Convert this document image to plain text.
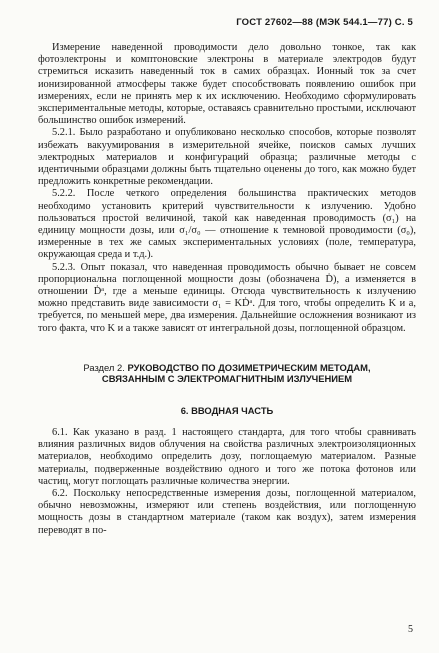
ГОСТ 27602—88 (МЭК 544.1—77) С. 5

Измерение наведенной проводимости дело довольно тонкое, так как фотоэлектроны и комптоновские электроны в материале электродов будут стремиться исказить наведенный ток в самих образцах. Ионный ток за счет ионизированной атмосферы также будет способствовать появлению ошибок при измерениях, если не принять мер к их исключению. Необходимо сформулировать экспериментальные методы, которые, оставаясь сравнительно простыми, исключают большинство ошибок измерений.

5.2.1. Было разработано и опубликовано несколько способов, которые позволят избежать вакуумирования в измерительной ячейке, поисков самых лучших электродных материалов и конфигураций образца; различные методы с идентичными образцами должны быть тщательно оценены до того, как можно будет предложить конкретные рекомендации.

5.2.2. После четкого определения большинства практических методов необходимо установить критерий чувствительности к излучению. Удобно пользоваться простой величиной, такой как наведенная проводимость (σ₁) на единицу мощности дозы, или σ₁/σ₀ — отношение к темновой проводимости (σ₀), измеренные в тех же самых экспериментальных условиях (поле, температура, окружающая среда и т.д.).

5.2.3. Опыт показал, что наведенная проводимость обычно бывает не совсем пропорциональна поглощенной мощности дозы (обозначена Ḋ), а изменяется в отношении Ḋᵃ, где a меньше единицы. Отсюда чувствительность к излучению можно представить виде зависимости σ₁ = KḊᵃ. Для того, чтобы определить K и a, требуется, по меньшей мере, два измерения. Дальнейшие осложнения возникают из того факта, что K и a также зависят от интегральной дозы, поглощенной образцом.

Раздел 2. РУКОВОДСТВО ПО ДОЗИМЕТРИЧЕСКИМ МЕТОДАМ,
СВЯЗАННЫМ С ЭЛЕКТРОМАГНИТНЫМ ИЗЛУЧЕНИЕМ
6. ВВОДНАЯ ЧАСТЬ

6.1. Как указано в разд. 1 настоящего стандарта, для того чтобы сравнивать влияния различных видов облучения на свойства различных электроизоляционных материалов, необходимо определить дозу, поглощаемую материалом. Разные материалы, подверженные воздействию одного и того же потока фотонов или частиц, могут поглощать различные количества энергии.

6.2. Поскольку непосредственные измерения дозы, поглощенной материалом, обычно невозможны, измеряют или степень воздействия, или поглощенную мощность дозы в стандартном материале (таком как воздух), затем измерения переводят в по-

5
